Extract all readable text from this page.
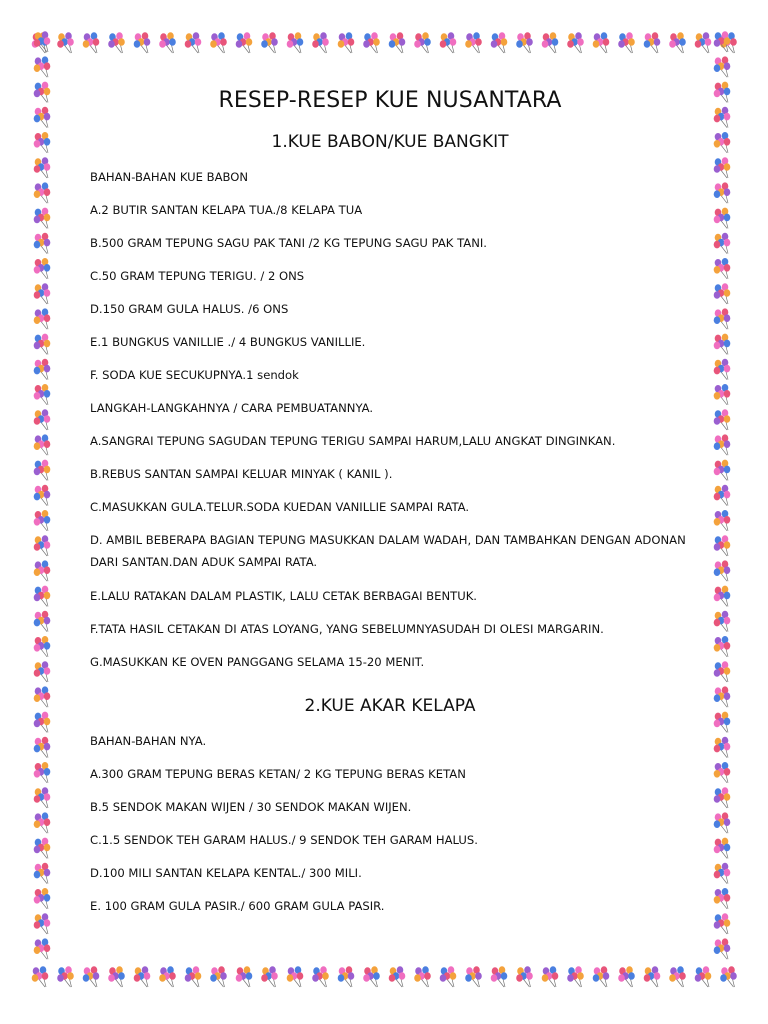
RESEP-RESEP KUE NUSANTARA
1.KUE BABON/KUE BANGKIT

BAHAN-BAHAN KUE BABON

A.2 BUTIR SANTAN KELAPA TUA./8 KELAPA TUA

B.500 GRAM TEPUNG SAGU PAK TANI /2 KG TEPUNG SAGU PAK TANI.

C.50 GRAM TEPUNG TERIGU. / 2 ONS

D.150 GRAM GULA HALUS. /6 ONS

E.1 BUNGKUS VANILLIE ./ 4 BUNGKUS VANILLIE.

F. SODA KUE SECUKUPNYA.1 sendok

LANGKAH-LANGKAHNYA / CARA PEMBUATANNYA.

A.SANGRAI TEPUNG SAGUDAN TEPUNG TERIGU SAMPAI HARUM,LALU ANGKAT DINGINKAN.

B.REBUS SANTAN SAMPAI KELUAR MINYAK ( KANIL ).

C.MASUKKAN GULA.TELUR.SODA KUEDAN VANILLIE SAMPAI RATA.

D. AMBIL BEBERAPA BAGIAN TEPUNG MASUKKAN DALAM WADAH, DAN TAMBAHKAN DENGAN ADONAN DARI SANTAN.DAN ADUK SAMPAI RATA.

E.LALU RATAKAN DALAM PLASTIK, LALU CETAK BERBAGAI BENTUK.

F.TATA HASIL CETAKAN DI ATAS LOYANG, YANG SEBELUMNYASUDAH DI OLESI MARGARIN.

G.MASUKKAN KE OVEN PANGGANG SELAMA 15-20 MENIT.

2.KUE AKAR KELAPA

BAHAN-BAHAN NYA.

A.300 GRAM TEPUNG BERAS KETAN/ 2 KG TEPUNG BERAS KETAN

B.5 SENDOK MAKAN WIJEN / 30 SENDOK MAKAN WIJEN.

C.1.5 SENDOK TEH GARAM HALUS./ 9 SENDOK TEH GARAM HALUS.

D.100 MILI SANTAN KELAPA KENTAL./ 300 MILI.

E. 100 GRAM GULA PASIR./ 600 GRAM GULA PASIR.
